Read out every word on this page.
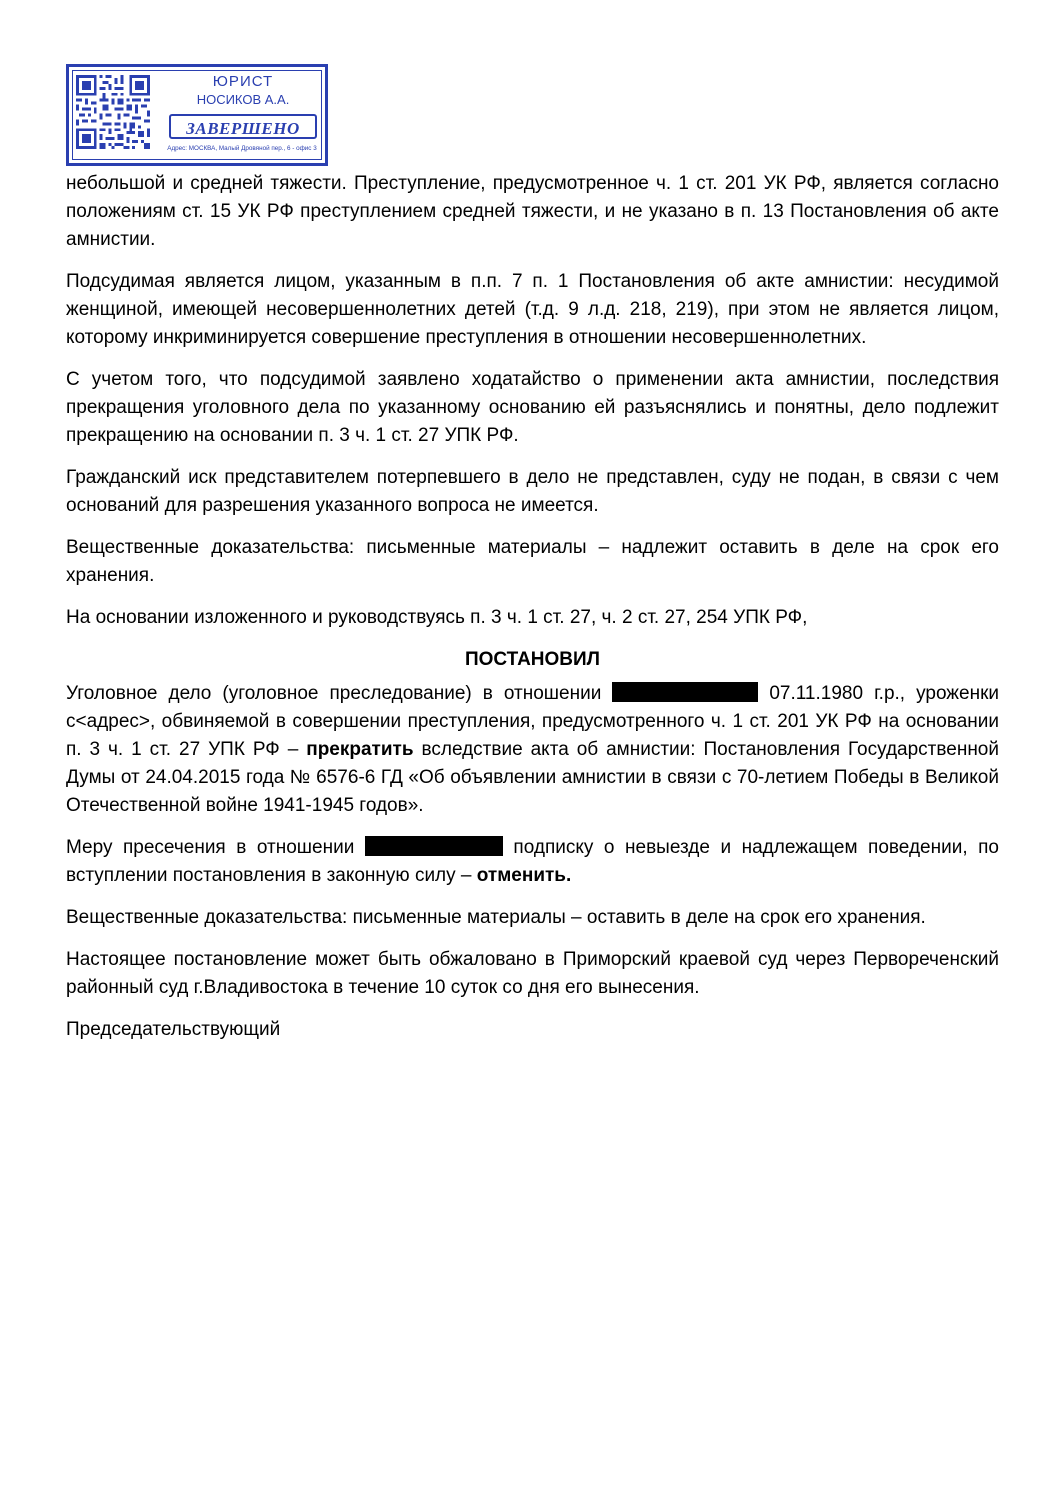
ЮРИСТ
НОСИКОВ А.А.
ЗАВЕРШЕНО
Адрес: МОСКВА, Малый Дровяной пер., 6 - офис 3

небольшой и средней тяжести. Преступление, предусмотренное ч. 1 ст. 201 УК РФ, является согласно положениям ст. 15 УК РФ преступлением средней тяжести, и не указано в п. 13 Постановления об акте амнистии.

Подсудимая является лицом, указанным в п.п. 7 п. 1 Постановления об акте амнистии: несудимой женщиной, имеющей несовершеннолетних детей (т.д. 9 л.д. 218, 219), при этом не является лицом, которому инкриминируется совершение преступления в отношении несовершеннолетних.

С учетом того, что подсудимой заявлено ходатайство о применении акта амнистии, последствия прекращения уголовного дела по указанному основанию ей разъяснялись и понятны, дело подлежит прекращению на основании п. 3 ч. 1 ст. 27 УПК РФ.

Гражданский иск представителем потерпевшего в дело не представлен, суду не подан, в связи с чем оснований для разрешения указанного вопроса не имеется.

Вещественные доказательства: письменные материалы – надлежит оставить в деле на срок его хранения.

На основании изложенного и руководствуясь п. 3 ч. 1 ст. 27, ч. 2 ст. 27, 254 УПК РФ,

ПОСТАНОВИЛ

Уголовное дело (уголовное преследование) в отношении	07.11.1980 г.р., уроженки с<адрес>, обвиняемой в совершении преступления, предусмотренного ч. 1 ст. 201 УК РФ на основании п. 3 ч. 1 ст. 27 УПК РФ – прекратить вследствие акта об амнистии: Постановления Государственной Думы от 24.04.2015 года № 6576-6 ГД «Об объявлении амнистии в связи с 70-летием Победы в Великой Отечественной войне 1941-1945 годов».

Меру пресечения в отношении	подписку о невыезде и надлежащем поведении, по вступлении постановления в законную силу – отменить.

Вещественные доказательства: письменные материалы – оставить в деле на срок его хранения.

Настоящее постановление может быть обжаловано в Приморский краевой суд через Первореченский районный суд г.Владивостока в течение 10 суток со дня его вынесения.

Председательствующий
